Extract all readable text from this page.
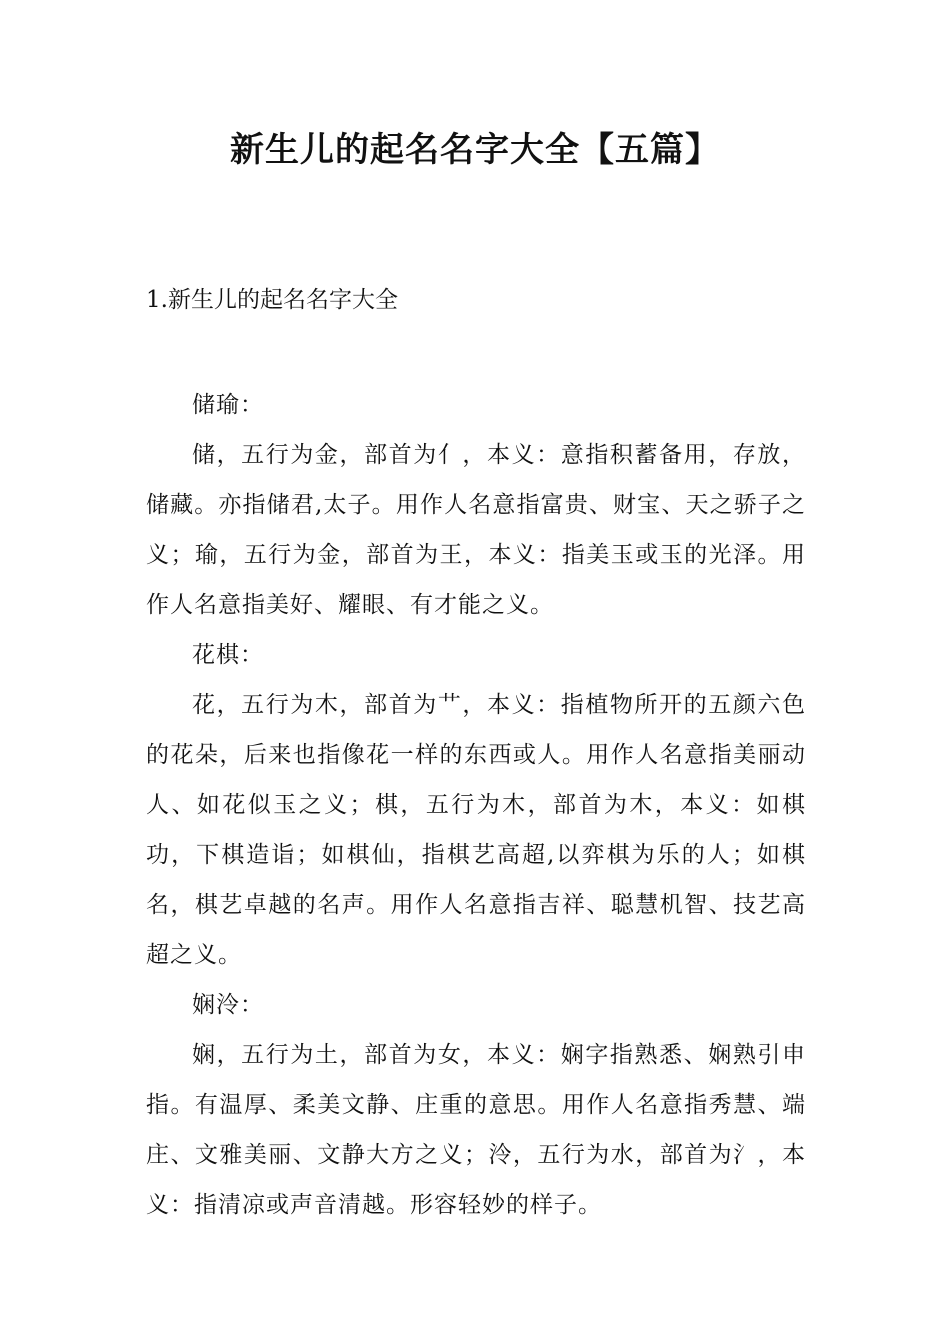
新生儿的起名名字大全【五篇】
1.新生儿的起名名字大全

储瑜：

储，五行为金，部首为亻，本义：意指积蓄备用，存放，储藏。亦指储君,太子。用作人名意指富贵、财宝、天之骄子之义；瑜，五行为金，部首为王，本义：指美玉或玉的光泽。用作人名意指美好、耀眼、有才能之义。

花棋：

花，五行为木，部首为艹，本义：指植物所开的五颜六色的花朵，后来也指像花一样的东西或人。用作人名意指美丽动人、如花似玉之义；棋，五行为木，部首为木，本义：如棋功，下棋造诣；如棋仙，指棋艺高超,以弈棋为乐的人；如棋名，棋艺卓越的名声。用作人名意指吉祥、聪慧机智、技艺高超之义。

娴泠：

娴，五行为土，部首为女，本义：娴字指熟悉、娴熟引申指。有温厚、柔美文静、庄重的意思。用作人名意指秀慧、端庄、文雅美丽、文静大方之义；泠，五行为水，部首为氵，本义：指清凉或声音清越。形容轻妙的样子。
